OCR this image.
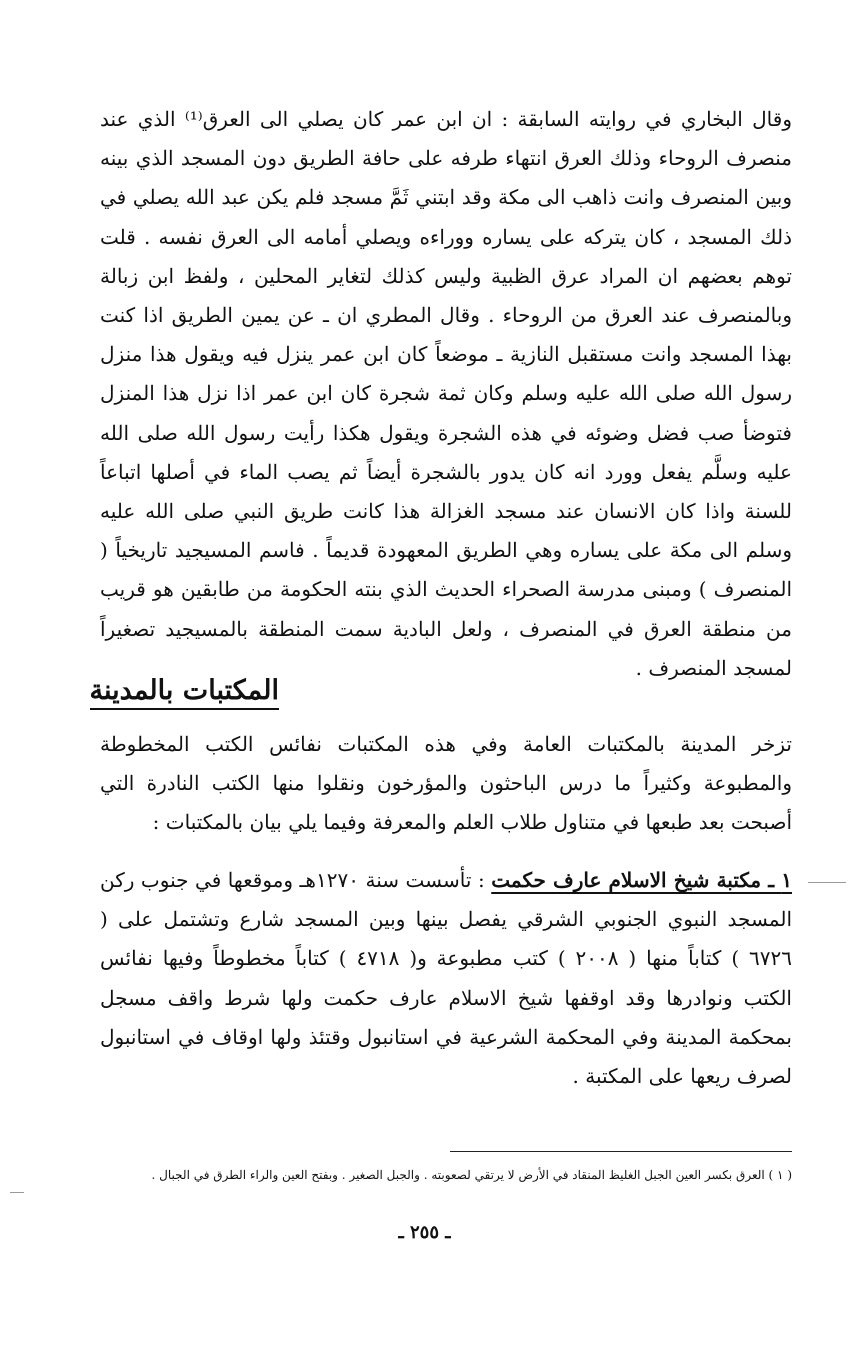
وقال البخاري في روايته السابقة : ان ابن عمر كان يصلي الى العرق⁽¹⁾ الذي عند منصرف الروحاء وذلك العرق انتهاء طرفه على حافة الطريق دون المسجد الذي بينه وبين المنصرف وانت ذاهب الى مكة وقد ابتني ثَمَّ مسجد فلم يكن عبد الله يصلي في ذلك المسجد ، كان يتركه على يساره ووراءه ويصلي أمامه الى العرق نفسه . قلت توهم بعضهم ان المراد عرق الظبية وليس كذلك لتغاير المحلين ، ولفظ ابن زبالة وبالمنصرف عند العرق من الروحاء . وقال المطري ان ـ عن يمين الطريق اذا كنت بهذا المسجد وانت مستقبل النازية ـ موضعاً كان ابن عمر ينزل فيه ويقول هذا منزل رسول الله صلى الله عليه وسلم وكان ثمة شجرة كان ابن عمر اذا نزل هذا المنزل فتوضأ صب فضل وضوئه في هذه الشجرة ويقول هكذا رأيت رسول الله صلى الله عليه وسلَّم يفعل وورد انه كان يدور بالشجرة أيضاً ثم يصب الماء في أصلها اتباعاً للسنة واذا كان الانسان عند مسجد الغزالة هذا كانت طريق النبي صلى الله عليه وسلم الى مكة على يساره وهي الطريق المعهودة قديماً . فاسم المسيجيد تاريخياً ( المنصرف ) ومبنى مدرسة الصحراء الحديث الذي بنته الحكومة من طابقين هو قريب من منطقة العرق في المنصرف ، ولعل البادية سمت المنطقة بالمسيجيد تصغيراً لمسجد المنصرف .

المكتبات بالمدينة

تزخر المدينة بالمكتبات العامة وفي هذه المكتبات نفائس الكتب المخطوطة والمطبوعة وكثيراً ما درس الباحثون والمؤرخون ونقلوا منها الكتب النادرة التي أصبحت بعد طبعها في متناول طلاب العلم والمعرفة وفيما يلي بيان بالمكتبات :

١ ـ مكتبة شيخ الاسلام عارف حكمت : تأسست سنة ١٢٧٠هـ وموقعها في جنوب ركن المسجد النبوي الجنوبي الشرقي يفصل بينها وبين المسجد شارع وتشتمل على ( ٦٧٢٦ ) كتاباً منها ( ٢٠٠٨ ) كتب مطبوعة و( ٤٧١٨ ) كتاباً مخطوطاً وفيها نفائس الكتب ونوادرها وقد اوقفها شيخ الاسلام عارف حكمت ولها شرط واقف مسجل بمحكمة المدينة وفي المحكمة الشرعية في استانبول وقتئذ ولها اوقاف في استانبول لصرف ريعها على المكتبة .

( ١ ) العرق بكسر العين الجبل الغليظ المنقاد في الأرض لا يرتقي لصعوبته . والجبل الصغير . وبفتح العين والراء الطرق في الجبال .
ـ ٢٥٥ ـ
